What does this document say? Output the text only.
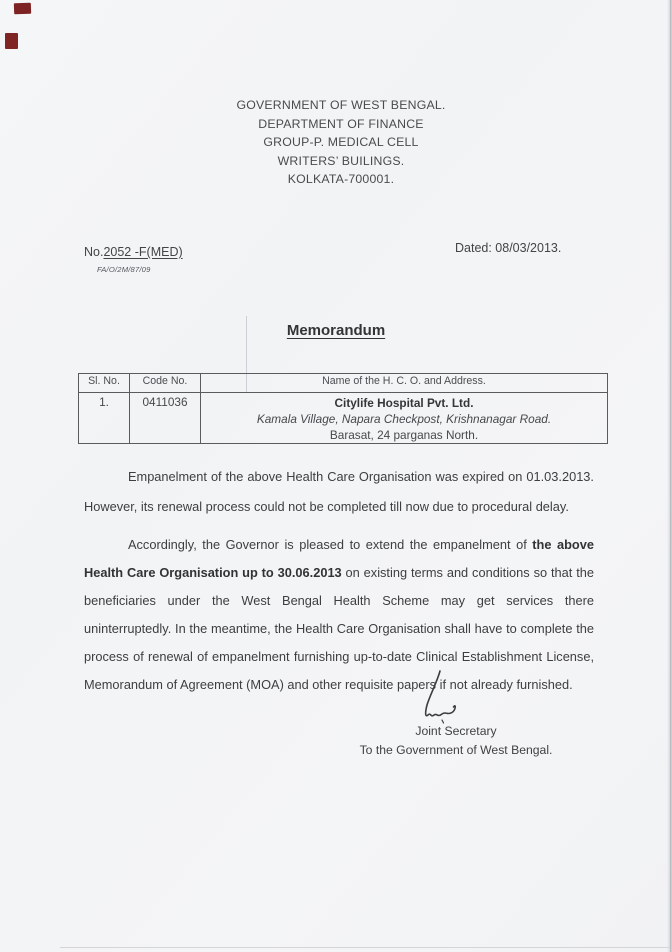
GOVERNMENT OF WEST BENGAL.
DEPARTMENT OF FINANCE
GROUP-P. MEDICAL CELL
WRITERS’ BUILINGS.
KOLKATA-700001.
No.2052 -F(MED)
FA/O/2M/87/09
Dated: 08/03/2013.
Memorandum
Sl. No.	Code No.	Name of the H. C. O. and Address.
1.	0411036	Citylife Hospital Pvt. Ltd.
Kamala Village, Napara Checkpost, Krishnanagar Road.
Barasat, 24 parganas North.
Empanelment of the above Health Care Organisation was expired on 01.03.2013. However, its renewal process could not be completed till now due to procedural delay.
Accordingly, the Governor is pleased to extend the empanelment of the above Health Care Organisation up to 30.06.2013 on existing terms and conditions so that the beneficiaries under the West Bengal Health Scheme may get services there uninterruptedly. In the meantime, the Health Care Organisation shall have to complete the process of renewal of empanelment furnishing up-to-date Clinical Establishment License, Memorandum of Agreement (MOA) and other requisite papers if not already furnished.
Joint Secretary
To the Government of West Bengal.
